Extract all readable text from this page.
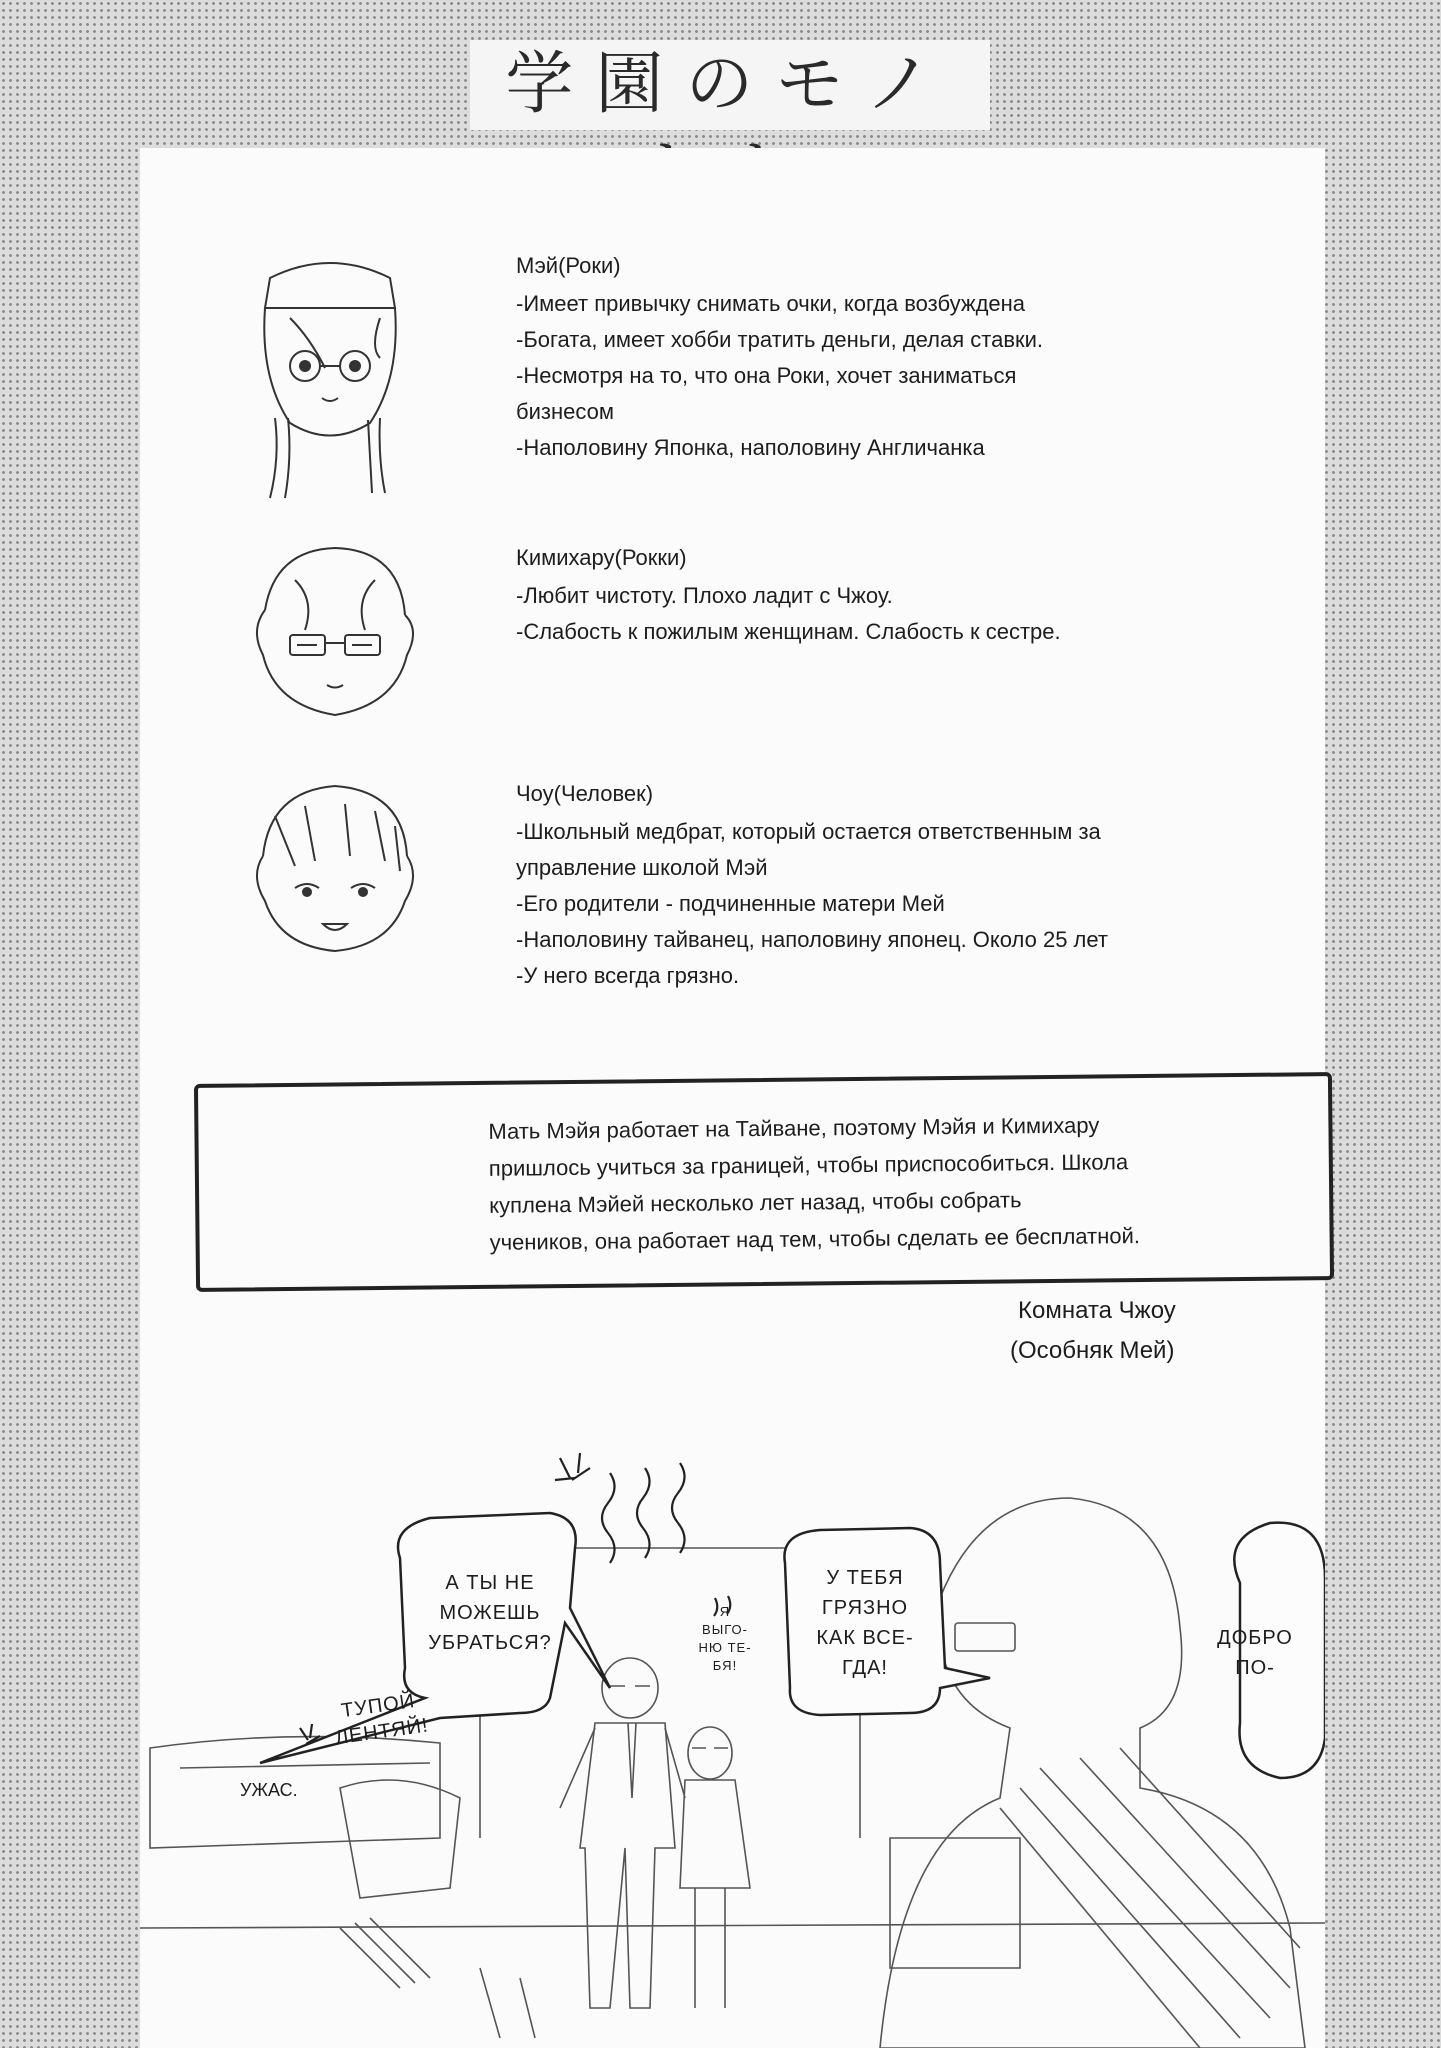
学園のモノ
Мэй(Роки)
-Имеет привычку снимать очки, когда возбуждена
-Богата, имеет хобби тратить деньги, делая ставки.
-Несмотря на то, что она Роки, хочет заниматься
бизнесом
-Наполовину Японка, наполовину Англичанка
Кимихару(Рокки)
-Любит чистоту. Плохо ладит с Чжоу.
-Слабость к пожилым женщинам. Слабость к сестре.
Чоу(Человек)
-Школьный медбрат, который остается ответственным за
управление школой Мэй
-Его родители - подчиненные матери Мей
-Наполовину тайванец, наполовину японец. Около 25 лет
-У него всегда грязно.
Мать Мэйя работает на Тайване, поэтому Мэйя и Кимихару
пришлось учиться за границей, чтобы приспособиться. Школа
куплена Мэйей несколько лет назад, чтобы собрать
учеников, она работает над тем, чтобы сделать ее бесплатной.
Комната Чжоу
(Особняк Мей)
А ТЫ НЕ
МОЖЕШЬ
УБРАТЬСЯ?
ТУПОЙ
ЛЕНТЯЙ!
Я
ВЫГО-
НЮ ТЕ-
БЯ!
У ТЕБЯ
ГРЯЗНО
КАК ВСЕ-
ГДА!
ДОБРО
ПО-
УЖАС.
